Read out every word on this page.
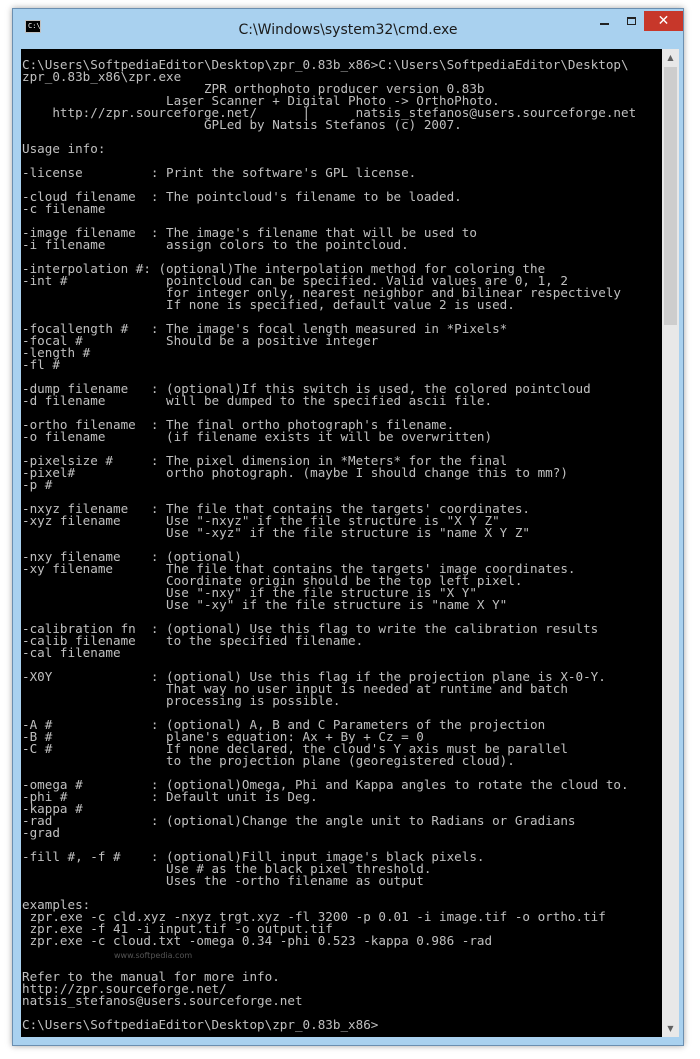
C:\	C:\Windows\system32\cmd.exe
✕
C:\Users\SoftpediaEditor\Desktop\zpr_0.83b_x86>C:\Users\SoftpediaEditor\Desktop\
zpr_0.83b_x86\zpr.exe
ZPR orthophoto producer version 0.83b
Laser Scanner + Digital Photo -> OrthoPhoto.
http://zpr.sourceforge.net/      |      natsis_stefanos@users.sourceforge.net
GPLed by Natsis Stefanos (c) 2007.

Usage info:

-license         : Print the software's GPL license.

-cloud filename  : The pointcloud's filename to be loaded.
-c filename

-image filename  : The image's filename that will be used to
-i filename        assign colors to the pointcloud.

-interpolation #: (optional)The interpolation method for coloring the
-int #             pointcloud can be specified. Valid values are 0, 1, 2
for integer only, nearest neighbor and bilinear respectively
If none is specified, default value 2 is used.

-focallength #   : The image's focal length measured in *Pixels*
-focal #           Should be a positive integer
-length #
-fl #

-dump filename   : (optional)If this switch is used, the colored pointcloud
-d filename        will be dumped to the specified ascii file.

-ortho filename  : The final ortho photograph's filename.
-o filename        (if filename exists it will be overwritten)

-pixelsize #     : The pixel dimension in *Meters* for the final
-pixel#            ortho photograph. (maybe I should change this to mm?)
-p #

-nxyz filename   : The file that contains the targets' coordinates.
-xyz filename      Use "-nxyz" if the file structure is "X Y Z"
Use "-xyz" if the file structure is "name X Y Z"

-nxy filename    : (optional)
-xy filename       The file that contains the targets' image coordinates.
Coordinate origin should be the top left pixel.
Use "-nxy" if the file structure is "X Y"
Use "-xy" if the file structure is "name X Y"

-calibration fn  : (optional) Use this flag to write the calibration results
-calib filename    to the specified filename.
-cal filename

-X0Y             : (optional) Use this flag if the projection plane is X-0-Y.
That way no user input is needed at runtime and batch
processing is possible.

-A #             : (optional) A, B and C Parameters of the projection
-B #               plane's equation: Ax + By + Cz = 0
-C #               If none declared, the cloud's Y axis must be parallel
to the projection plane (georegistered cloud).

-omega #         : (optional)Omega, Phi and Kappa angles to rotate the cloud to.
-phi #           : Default unit is Deg.
-kappa #
-rad             : (optional)Change the angle unit to Radians or Gradians
-grad

-fill #, -f #    : (optional)Fill input image's black pixels.
Use # as the black pixel threshold.
Uses the -ortho filename as output

examples:
zpr.exe -c cld.xyz -nxyz trgt.xyz -fl 3200 -p 0.01 -i image.tif -o ortho.tif
zpr.exe -f 41 -i input.tif -o output.tif
zpr.exe -c cloud.txt -omega 0.34 -phi 0.523 -kappa 0.986 -rad

Refer to the manual for more info.
http://zpr.sourceforge.net/
natsis_stefanos@users.sourceforge.net

C:\Users\SoftpediaEditor\Desktop\zpr_0.83b_x86>

www.softpedia.com
▲
▼
